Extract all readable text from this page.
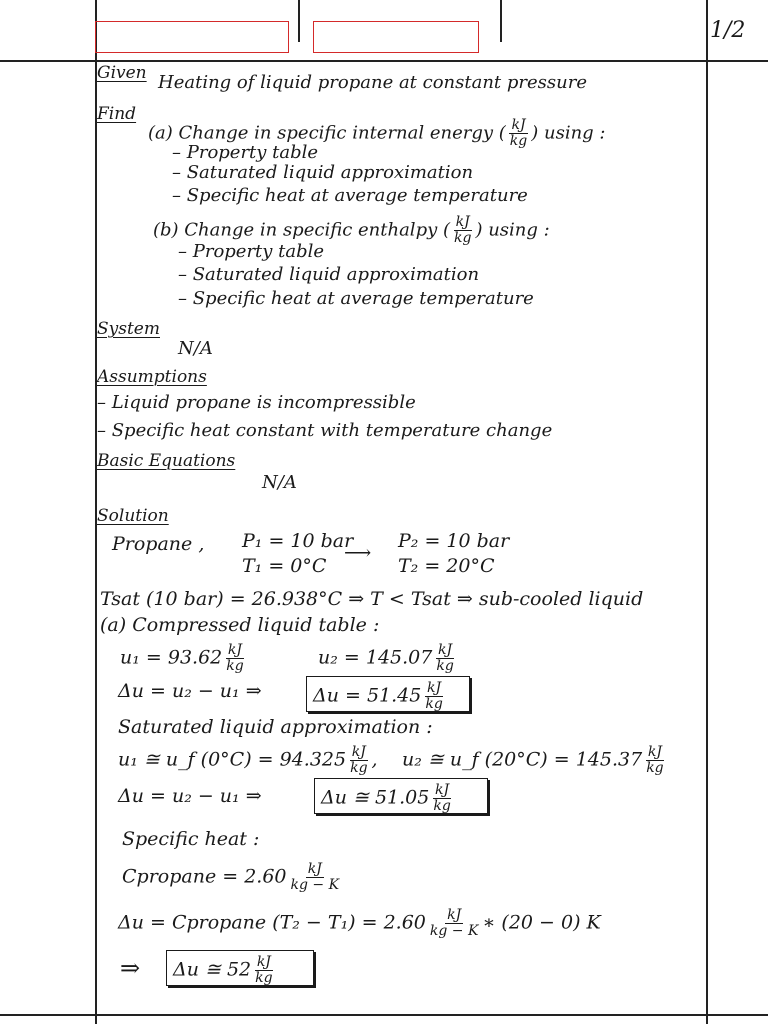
1/2
Given Heating of liquid propane at constant pressure
Find
(a) Change in specific internal energy ( $\frac{kJ}{kg}$ ) using :
– Property table
– Saturated liquid approximation
– Specific heat at average temperature
(b) Change in specific enthalpy ( $\frac{kJ}{kg}$ ) using :
– Property table
– Saturated liquid approximation
– Specific heat at average temperature
System
N/A
Assumptions
– Liquid propane is incompressible
– Specific heat constant with temperature change
Basic Equations
N/A
Solution
Propane , P₁ = 10 bar
T₁ = 0°C
⟶
P₂ = 10 bar
T₂ = 20°C
Tsat (10 bar) = 26.938°C ⇒ T < Tsat ⇒ sub-cooled liquid
(a) Compressed liquid table :
$u_1 = 93.62 \frac{kJ}{kg}$	$u_2 = 145.07 \frac{kJ}{kg}$
Δu = u₂ − u₁ ⇒	$\Delta u = 51.45 \frac{kJ}{kg}$
Saturated liquid approximation :
u₁ ≅ u_f $(0^\circ C) = 94.325 \frac{kJ}{kg}$ , u₂ ≅ u_f $(20^\circ C) = 145.37 \frac{kJ}{kg}$
Δu = u₂ − u₁ ⇒	Δu ≅ $51.05 \frac{kJ}{kg}$
Specific heat :
Cpropane = $2.60 \frac{kJ}{kg - K}$
Δu = Cpropane $(T_2 - T_1) = 2.60 \frac{kJ}{kg - K}$ ∗ (20 − 0) K
⇒ Δu ≅ $52 \frac{kJ}{kg}$
